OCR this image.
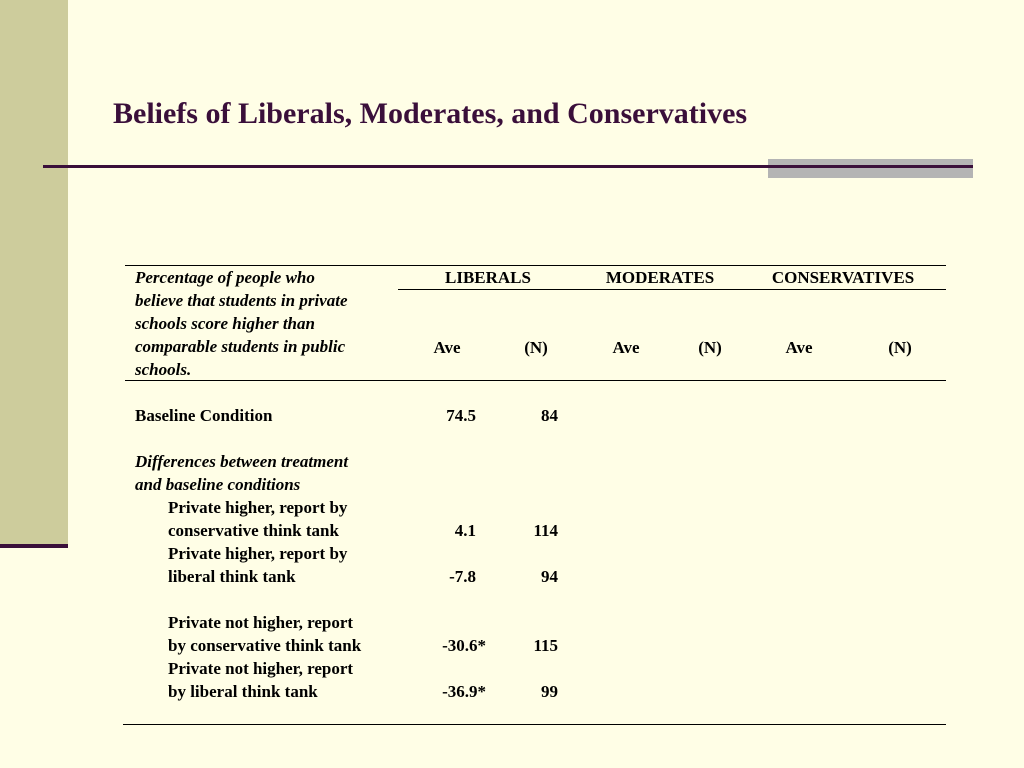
Beliefs of Liberals, Moderates, and Conservatives
Percentage of people who
believe that students in private
schools score higher than
comparable students in public
schools.
LIBERALS	MODERATES	CONSERVATIVES
Ave	(N)	Ave	(N)	Ave	(N)
Baseline Condition	74.5	84
Differences between treatment
and baseline conditions
Private higher, report by
conservative think tank	4.1	114
Private higher, report by
liberal think tank	-7.8	94
Private not higher, report
by conservative think tank	-30.6*	115
Private not higher, report
by liberal think tank	-36.9*	99
